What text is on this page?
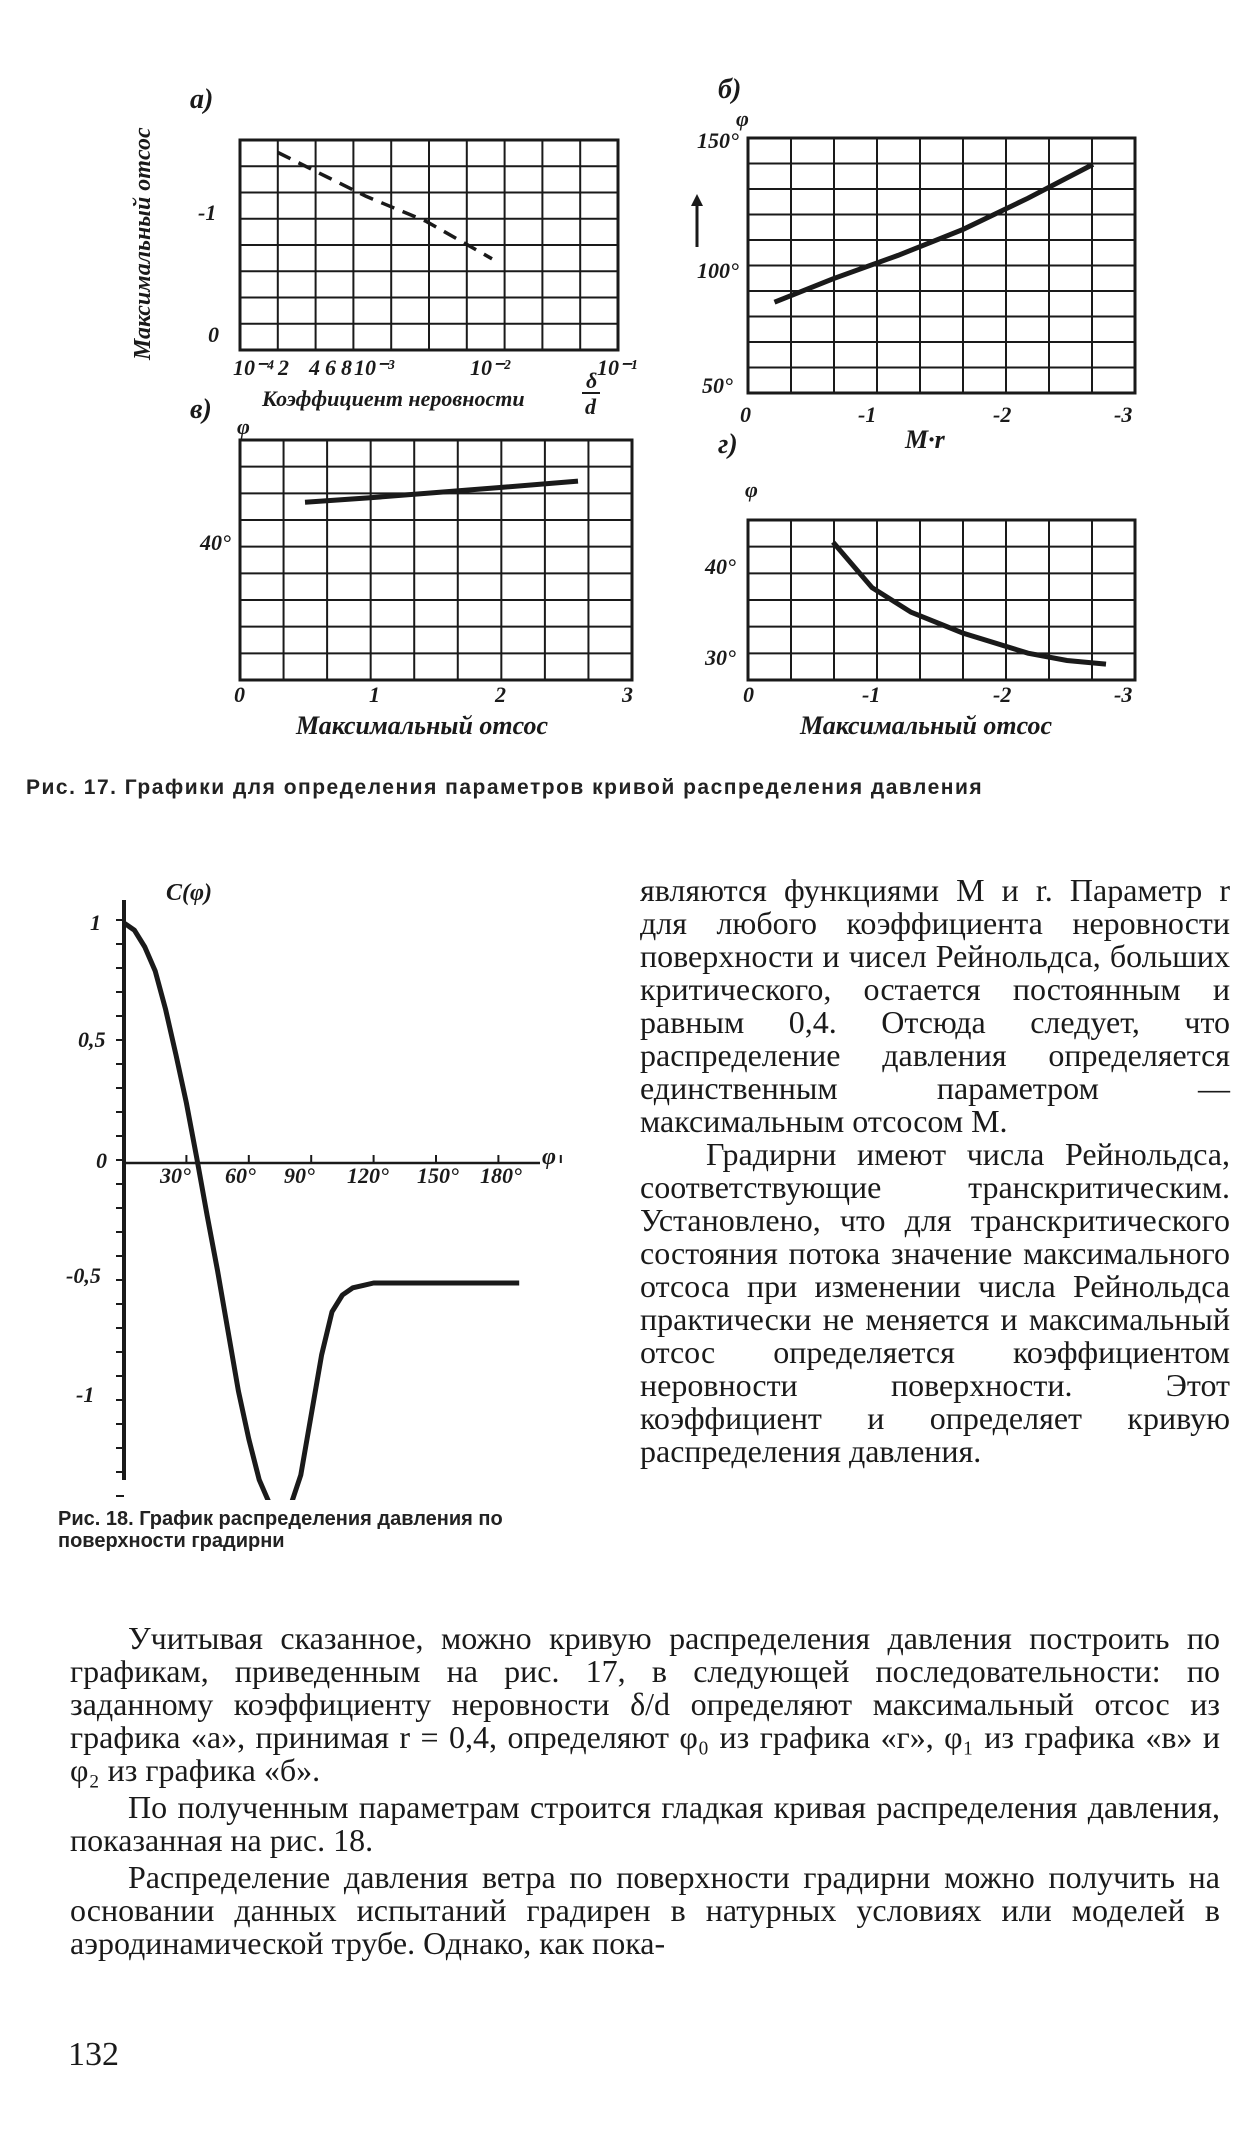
a)
Максимальный отсос -1
0
10⁻⁴ 2 4 6 8 10⁻³	10⁻²	10⁻¹
Коэффициент неровности
δ
d
б)
φ
150°
100°
50°
0	-1	-2	-3
M·r
в)
φ
40°
0	1	2	3
Максимальный отсос
г)
φ
40°
30°
0	-1	-2	-3
Максимальный отсос
C(φ)
1
0,5
0
-0,5
-1
30° 60° 90° 120° 150° 180°
φ
Рис. 17. Графики для определения параметров кривой распределения давления
Рис. 18. График распределения давления по поверхности градирни

являются функциями M и r. Параметр r для любого коэффициента неровности поверхности и чисел Рейнольдса, больших критического, остается постоянным и равным 0,4. Отсюда следует, что распределение давления определяется единственным параметром — максимальным отсосом M.

Градирни имеют числа Рейнольдса, соответствующие транскритическим. Установлено, что для транскритического состояния потока значение максимального отсоса при изменении числа Рейнольдса практически не меняется и максимальный отсос определяется коэффициентом неровности поверхности. Этот коэффициент и определяет кривую распределения давления.

Учитывая сказанное, можно кривую распределения давления построить по графикам, приведенным на рис. 17, в следующей последовательности: по заданному коэффициенту неровности δ/d определяют максимальный отсос из графика «а», принимая r = 0,4, определяют φ₀ из графика «г», φ₁ из графика «в» и φ₂ из графика «б».

По полученным параметрам строится гладкая кривая распределения давления, показанная на рис. 18.

Распределение давления ветра по поверхности градирни можно получить на основании данных испытаний градирен в натурных условиях или моделей в аэродинамической трубе. Однако, как пока-

132
